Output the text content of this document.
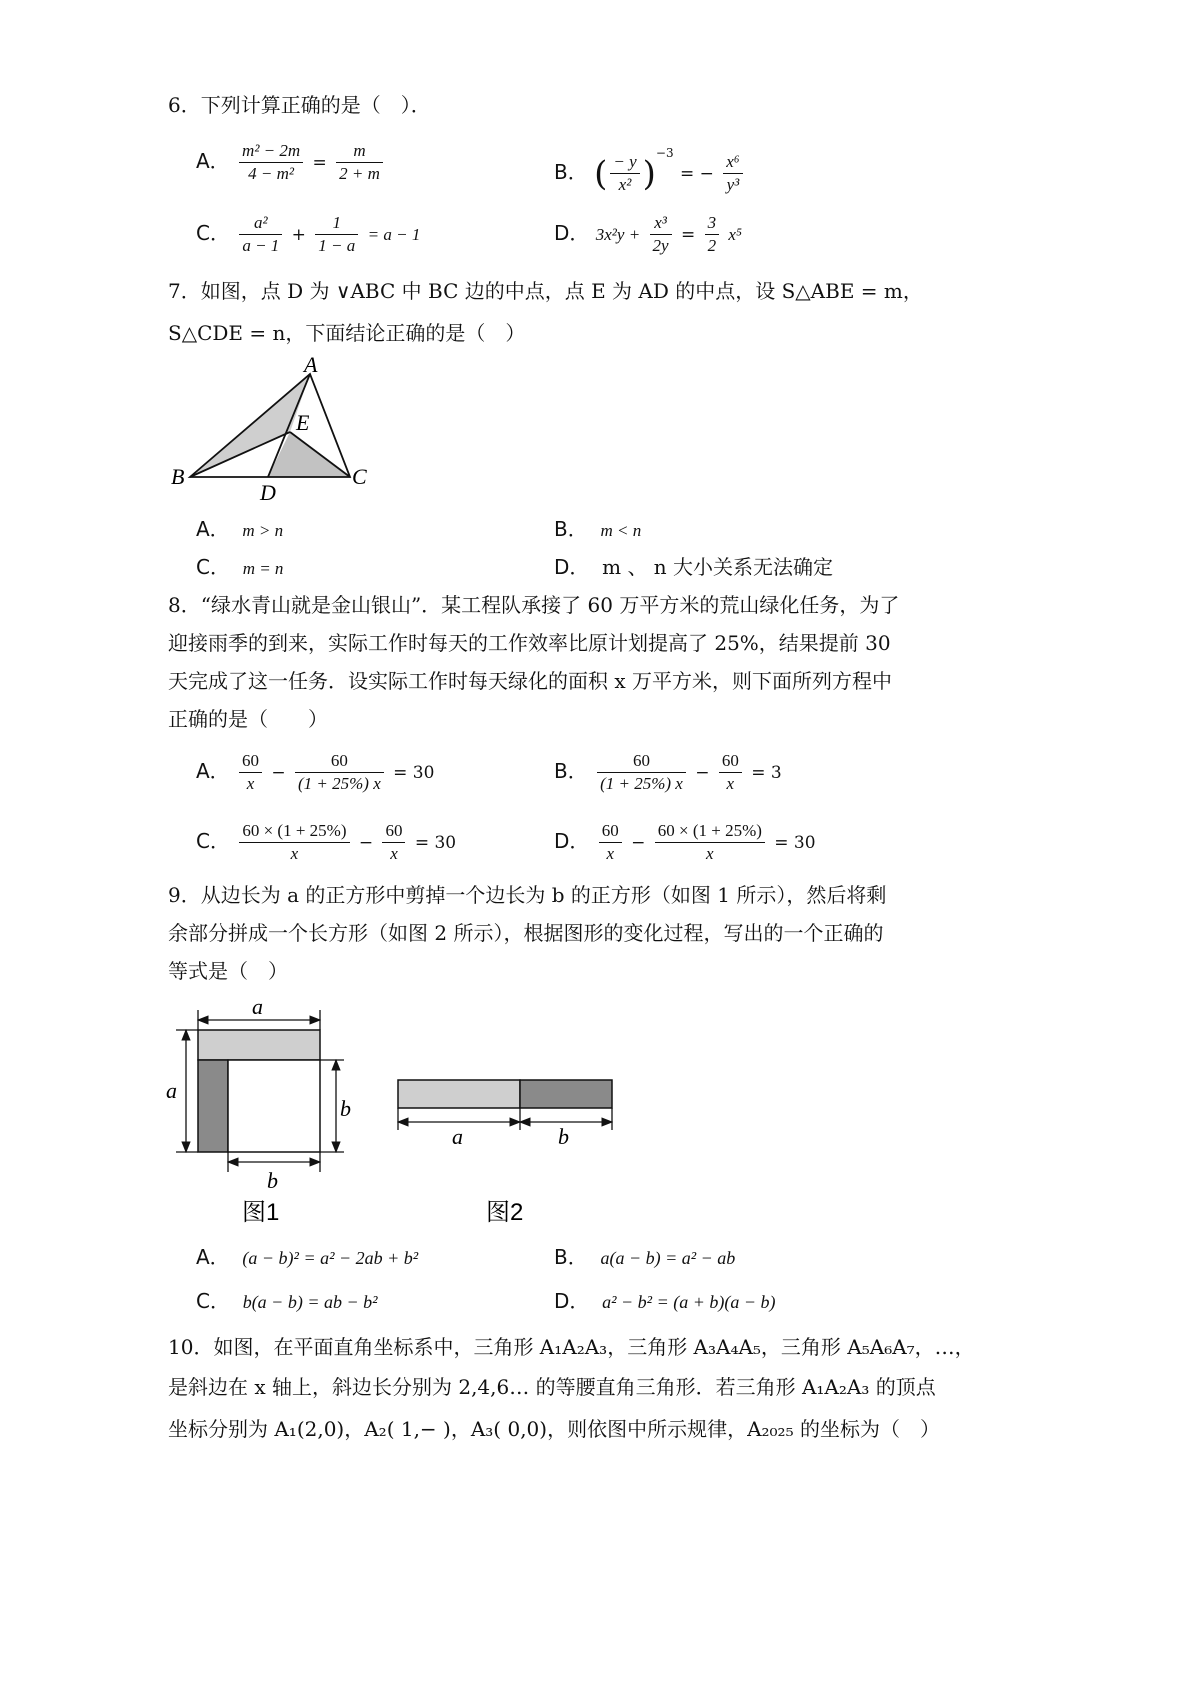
6．下列计算正确的是（　）．
A． $\frac{\text{m² − 2m}}{\text{4 − m²}} = \frac{m}{2 + m}$	B． ( $\frac{- y}{\text{x²}} )^{-3}$ = − $\frac{\text{x⁶}}{\text{y³}}$
C． $\frac{\text{a²}}{a - 1} + \frac{1}{1 - a} = a - 1$	D． $3x^2y + \frac{\text{x³}}{2y} = \frac{3}{2} x^5$
7．如图，点 D 为 ∨ABC 中 BC 边的中点，点 E 为 AD 的中点，设 S△ABE = m，
S△CDE = n，下面结论正确的是（　）
A
B	C
D
E
A． m > n	B． m < n
C． m = n	D． m 、 n 大小关系无法确定
8．“绿水青山就是金山银山”．某工程队承接了 60 万平方米的荒山绿化任务，为了
迎接雨季的到来，实际工作时每天的工作效率比原计划提高了 25%，结果提前 30
天完成了这一任务．设实际工作时每天绿化的面积 x 万平方米，则下面所列方程中
正确的是（　　）
A． $\frac{60}{x} - \frac{60}{(1 + 25\%) x} = 30$	B． $\frac{60}{(1 + 25\%) x} - \frac{60}{x} = 3$
C． $\frac{60 \times (1 + 25\%)}{x} - \frac{60}{x} = 30$	D． $\frac{60}{x} - \frac{60 \times (1 + 25\%)}{x} = 30$
9．从边长为 a 的正方形中剪掉一个边长为 b 的正方形（如图 1 所示），然后将剩
余部分拼成一个长方形（如图 2 所示），根据图形的变化过程，写出的一个正确的
等式是（　）
a
a
b
b
图1
a	b
图2
A． (a − b)² = a² − 2ab + b²	B． a(a − b) = a² − ab
C． b(a − b) = ab − b²	D． a² − b² = (a + b)(a − b)
10．如图，在平面直角坐标系中，三角形 A₁A₂A₃，三角形 A₃A₄A₅，三角形 A₅A₆A₇，…，
是斜边在 x 轴上，斜边长分别为 2,4,6… 的等腰直角三角形．若三角形 A₁A₂A₃ 的顶点
坐标分别为 A₁(2,0)，A₂( 1,− )，A₃( 0,0)，则依图中所示规律，A₂₀₂₅ 的坐标为（　）
